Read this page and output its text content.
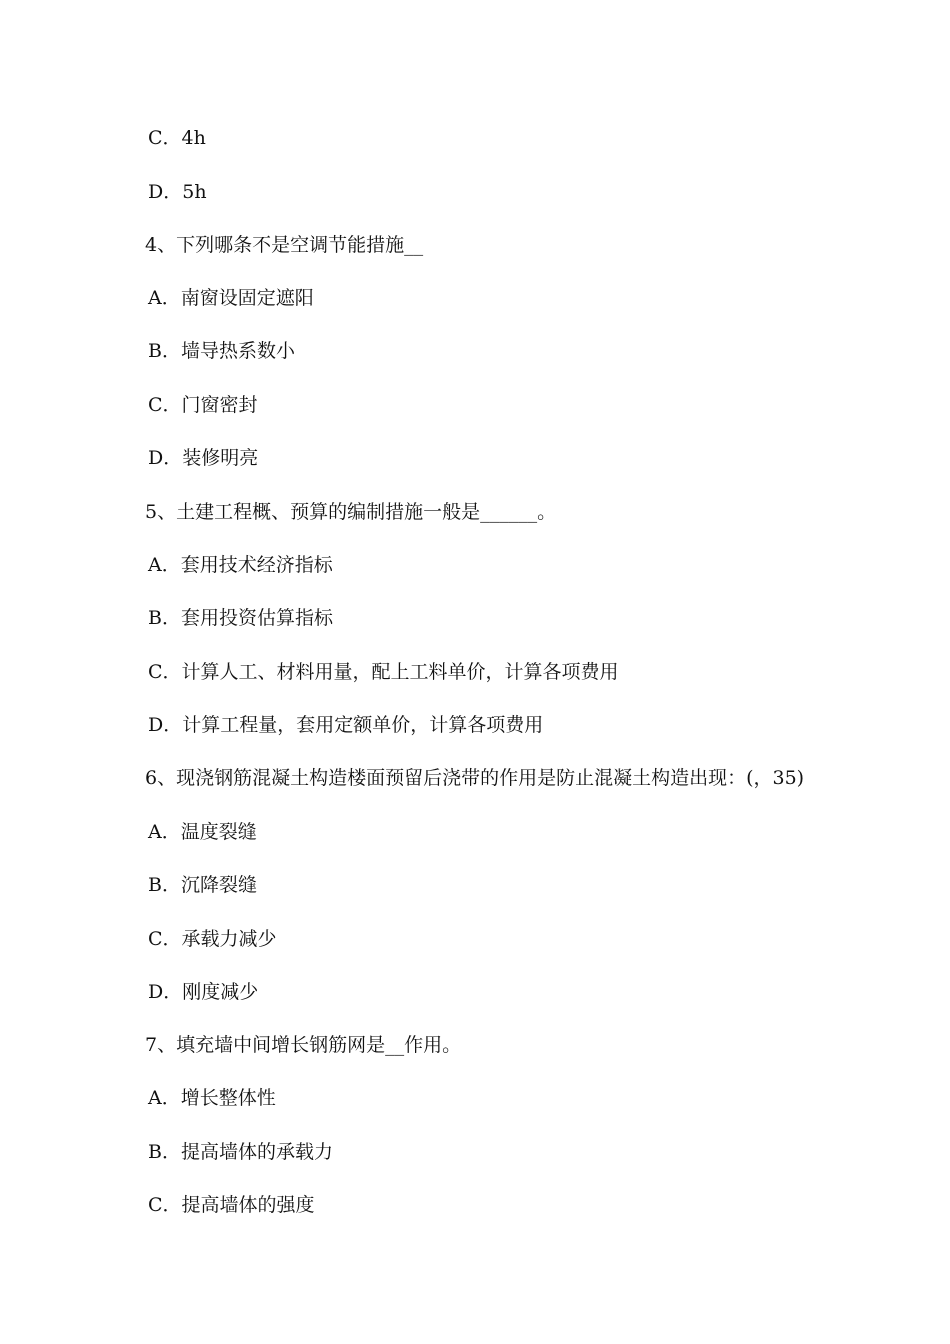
C．4h
D．5h
4、下列哪条不是空调节能措施__
A．南窗设固定遮阳
B．墙导热系数小
C．门窗密封
D．装修明亮
5、土建工程概、预算的编制措施一般是______。
A．套用技术经济指标
B．套用投资估算指标
C．计算人工、材料用量，配上工料单价，计算各项费用
D．计算工程量，套用定额单价，计算各项费用
6、现浇钢筋混凝土构造楼面预留后浇带的作用是防止混凝土构造出现：(，35)
A．温度裂缝
B．沉降裂缝
C．承载力减少
D．刚度减少
7、填充墙中间增长钢筋网是__作用。
A．增长整体性
B．提高墙体的承载力
C．提高墙体的强度
